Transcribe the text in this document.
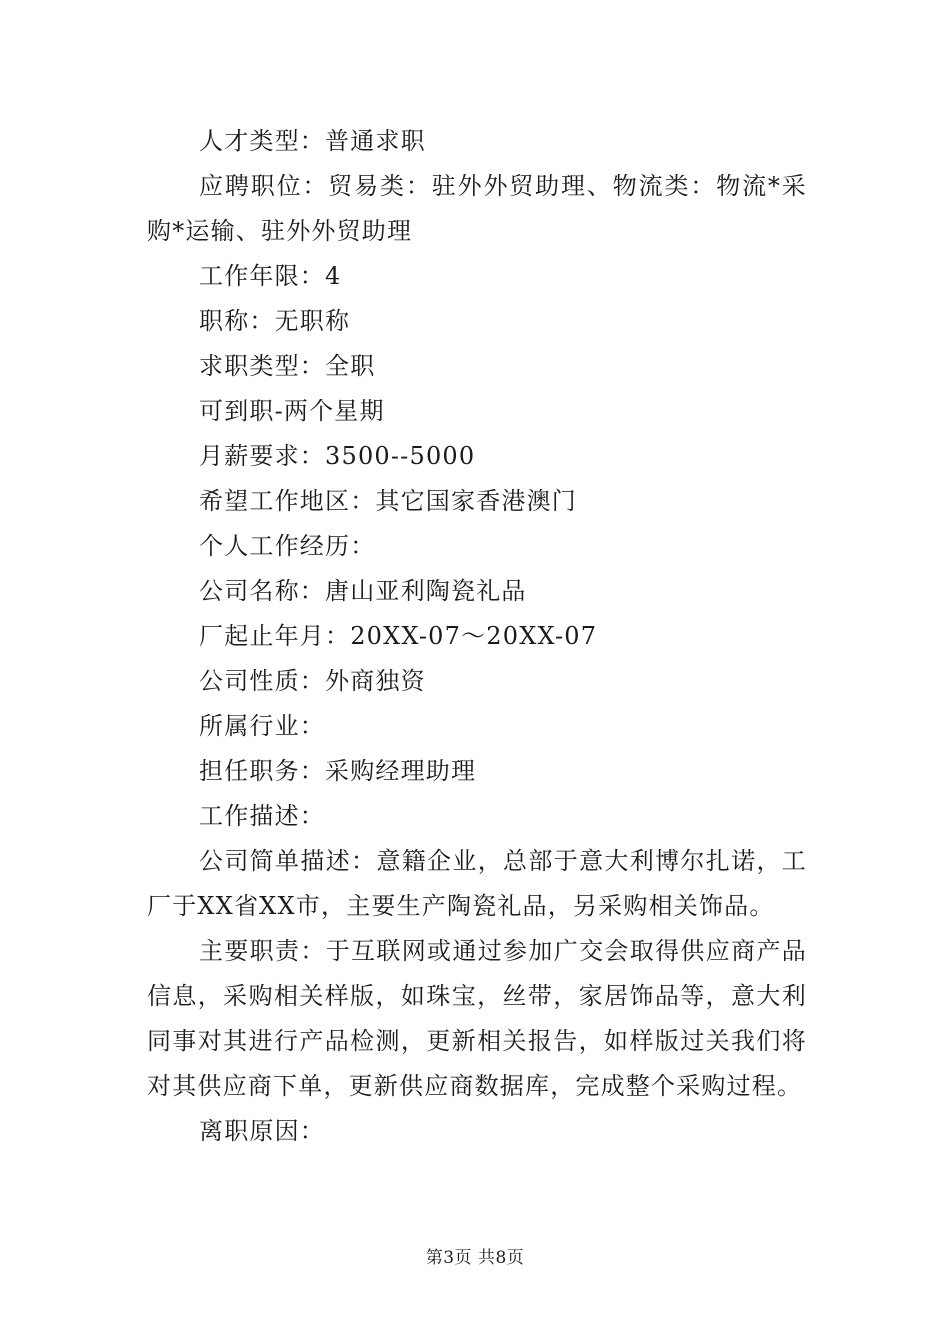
人才类型：普通求职

应聘职位：贸易类：驻外外贸助理、物流类：物流*采购*运输、驻外外贸助理

工作年限：4
职称：无职称
求职类型：全职
可到职-两个星期
月薪要求：3500--5000
希望工作地区：其它国家香港澳门
个人工作经历：
公司名称：唐山亚利陶瓷礼品
厂起止年月：20XX-07～20XX-07
公司性质：外商独资
所属行业：
担任职务：采购经理助理
工作描述：

公司简单描述：意籍企业，总部于意大利博尔扎诺，工厂于XX省XX市，主要生产陶瓷礼品，另采购相关饰品。

主要职责：于互联网或通过参加广交会取得供应商产品信息，采购相关样版，如珠宝，丝带，家居饰品等，意大利同事对其进行产品检测，更新相关报告，如样版过关我们将对其供应商下单，更新供应商数据库，完成整个采购过程。

离职原因：
第3页 共8页
